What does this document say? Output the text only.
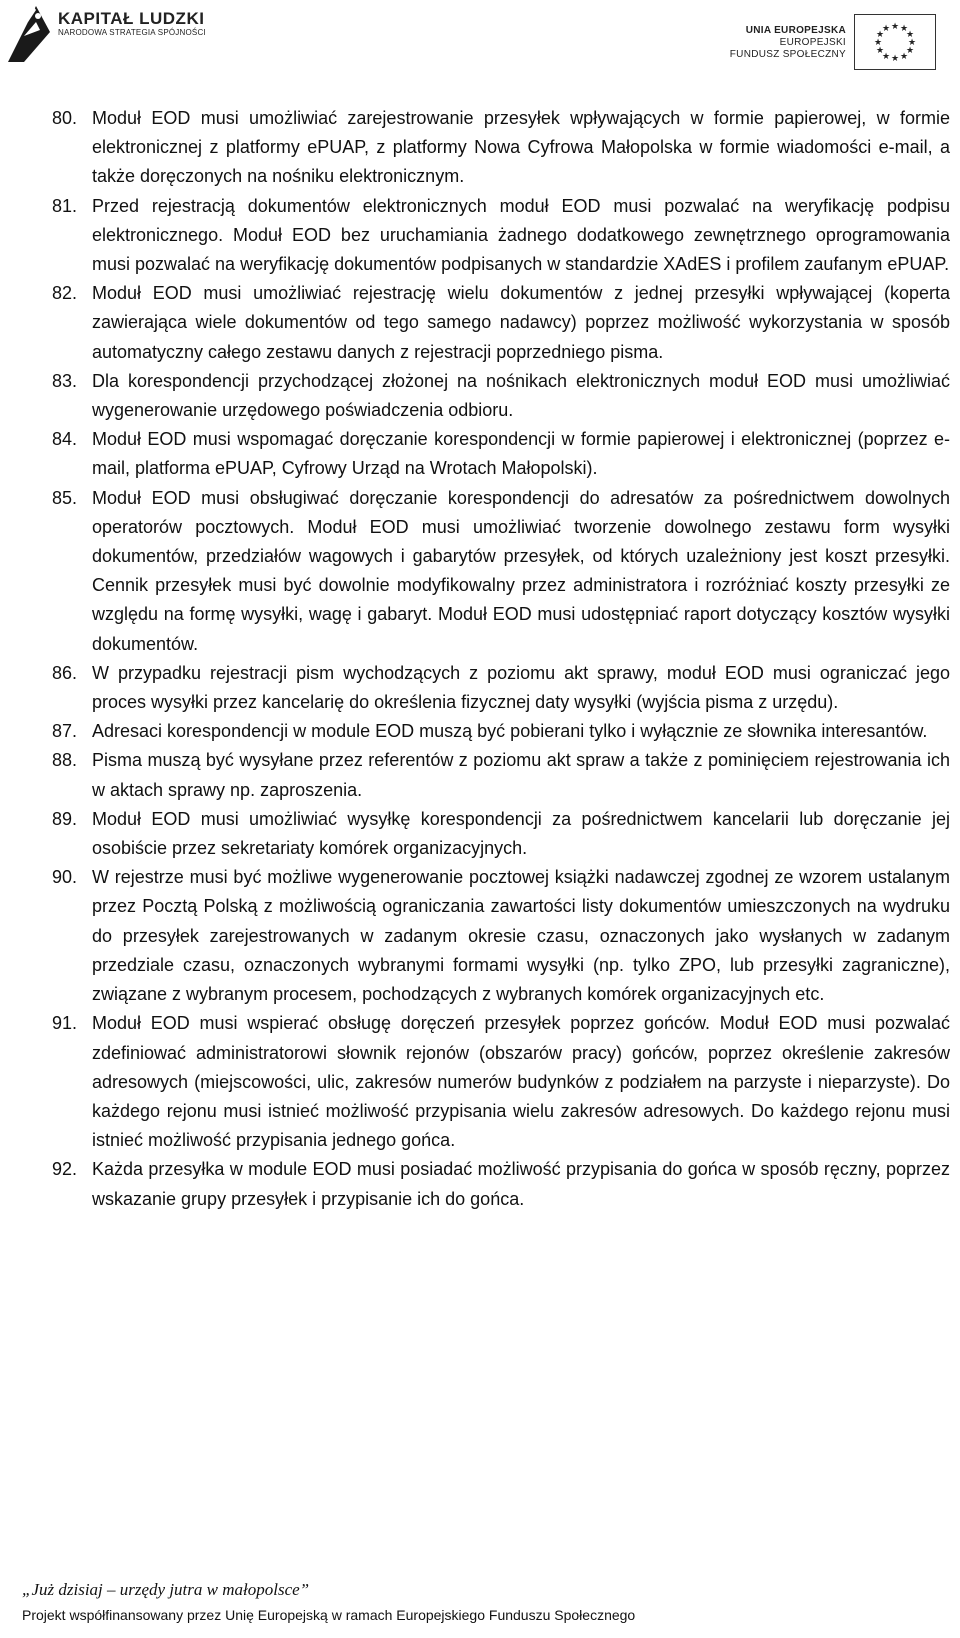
KAPITAŁ LUDZKI
NARODOWA STRATEGIA SPÓJNOŚCI	UNIA EUROPEJSKA
EUROPEJSKI
FUNDUSZ SPOŁECZNY
★ ★
★
★
★
★
★
★
★
★
★
★
80. Moduł EOD musi umożliwiać zarejestrowanie przesyłek wpływających w formie papierowej, w formie elektronicznej z platformy ePUAP, z platformy Nowa Cyfrowa Małopolska w formie wiadomości e-mail, a także doręczonych na nośniku elektronicznym.
81. Przed rejestracją dokumentów elektronicznych moduł EOD musi pozwalać na weryfikację podpisu elektronicznego. Moduł EOD bez uruchamiania żadnego dodatkowego zewnętrznego oprogramowania musi pozwalać na weryfikację dokumentów podpisanych w standardzie XAdES i profilem zaufanym ePUAP.
82. Moduł EOD musi umożliwiać rejestrację wielu dokumentów z jednej przesyłki wpływającej (koperta zawierająca wiele dokumentów od tego samego nadawcy) poprzez możliwość wykorzystania w sposób automatyczny całego zestawu danych z rejestracji poprzedniego pisma.
83. Dla korespondencji przychodzącej złożonej na nośnikach elektronicznych moduł EOD musi umożliwiać wygenerowanie urzędowego poświadczenia odbioru.
84. Moduł EOD musi wspomagać doręczanie korespondencji w formie papierowej i elektronicznej (poprzez e-mail, platforma ePUAP, Cyfrowy Urząd na Wrotach Małopolski).
85. Moduł EOD musi obsługiwać doręczanie korespondencji do adresatów za pośrednictwem dowolnych operatorów pocztowych. Moduł EOD musi umożliwiać tworzenie dowolnego zestawu form wysyłki dokumentów, przedziałów wagowych i gabarytów przesyłek, od których uzależniony jest koszt przesyłki. Cennik przesyłek musi być dowolnie modyfikowalny przez administratora i rozróżniać koszty przesyłki ze względu na formę wysyłki, wagę i gabaryt. Moduł EOD musi udostępniać raport dotyczący kosztów wysyłki dokumentów.
86. W przypadku rejestracji pism wychodzących z poziomu akt sprawy, moduł EOD musi ograniczać jego proces wysyłki przez kancelarię do określenia fizycznej daty wysyłki (wyjścia pisma z urzędu).
87. Adresaci korespondencji w module EOD muszą być pobierani tylko i wyłącznie ze słownika interesantów.
88. Pisma muszą być wysyłane przez referentów z poziomu akt spraw a także z pominięciem rejestrowania ich w aktach sprawy np. zaproszenia.
89. Moduł EOD musi umożliwiać wysyłkę korespondencji za pośrednictwem kancelarii lub doręczanie jej osobiście przez sekretariaty komórek organizacyjnych.
90. W rejestrze musi być możliwe wygenerowanie pocztowej książki nadawczej zgodnej ze wzorem ustalanym przez Pocztą Polską z możliwością ograniczania zawartości listy dokumentów umieszczonych na wydruku do przesyłek zarejestrowanych w zadanym okresie czasu, oznaczonych jako wysłanych w zadanym przedziale czasu, oznaczonych wybranymi formami wysyłki (np. tylko ZPO, lub przesyłki zagraniczne), związane z wybranym procesem, pochodzących z wybranych komórek organizacyjnych etc.
91. Moduł EOD musi wspierać obsługę doręczeń przesyłek poprzez gońców. Moduł EOD musi pozwalać zdefiniować administratorowi słownik rejonów (obszarów pracy) gońców, poprzez określenie zakresów adresowych (miejscowości, ulic, zakresów numerów budynków z podziałem na parzyste i nieparzyste). Do każdego rejonu musi istnieć możliwość przypisania wielu zakresów adresowych. Do każdego rejonu musi istnieć możliwość przypisania jednego gońca.
92. Każda przesyłka w module EOD musi posiadać możliwość przypisania do gońca w sposób ręczny, poprzez wskazanie grupy przesyłek i przypisanie ich do gońca.
„Już dzisiaj – urzędy jutra w małopolsce”
Projekt współfinansowany przez Unię Europejską w ramach Europejskiego Funduszu Społecznego
